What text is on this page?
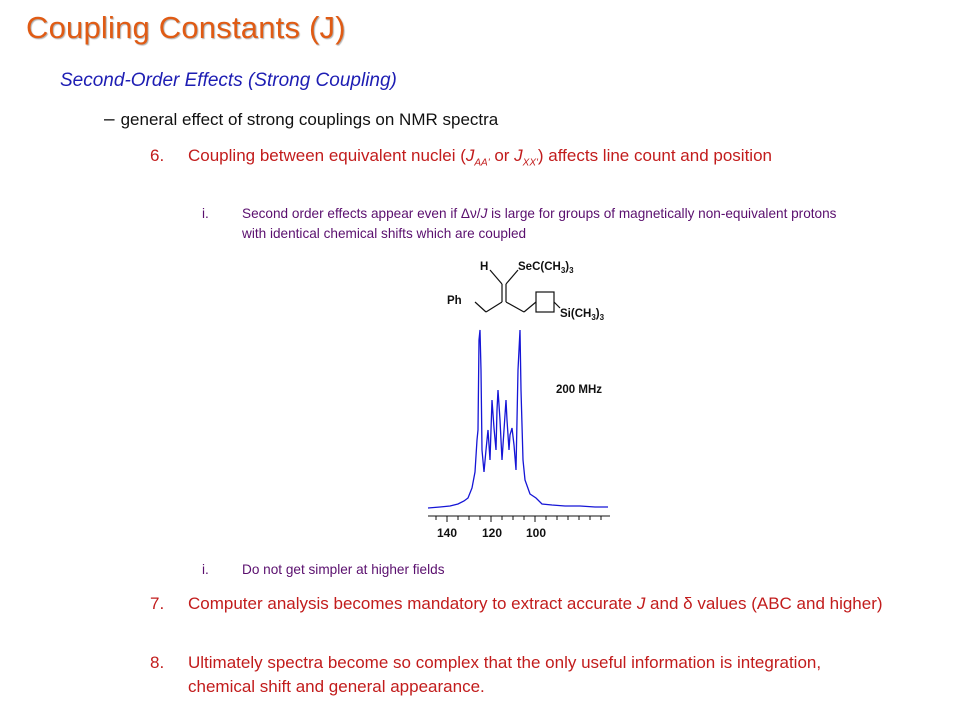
Coupling Constants (J)
Second-Order Effects (Strong Coupling)
– general effect of strong couplings on NMR spectra
6.	Coupling between equivalent nuclei ($J_{AA'}$ or $J_{XX'}$) affects line count and position
i. Second order effects appear even if Δν/J is large for groups of magnetically non-equivalent protons with identical chemical shifts which are coupled
H	$SeC(CH_3)_3$
Ph
$Si(CH_3)_3$
140 120 100
200 MHz
i. Do not get simpler at higher fields
7.	Computer analysis becomes mandatory to extract accurate J and δ values (ABC and higher)
8.	Ultimately spectra become so complex that the only useful information is integration, chemical shift and general appearance.
